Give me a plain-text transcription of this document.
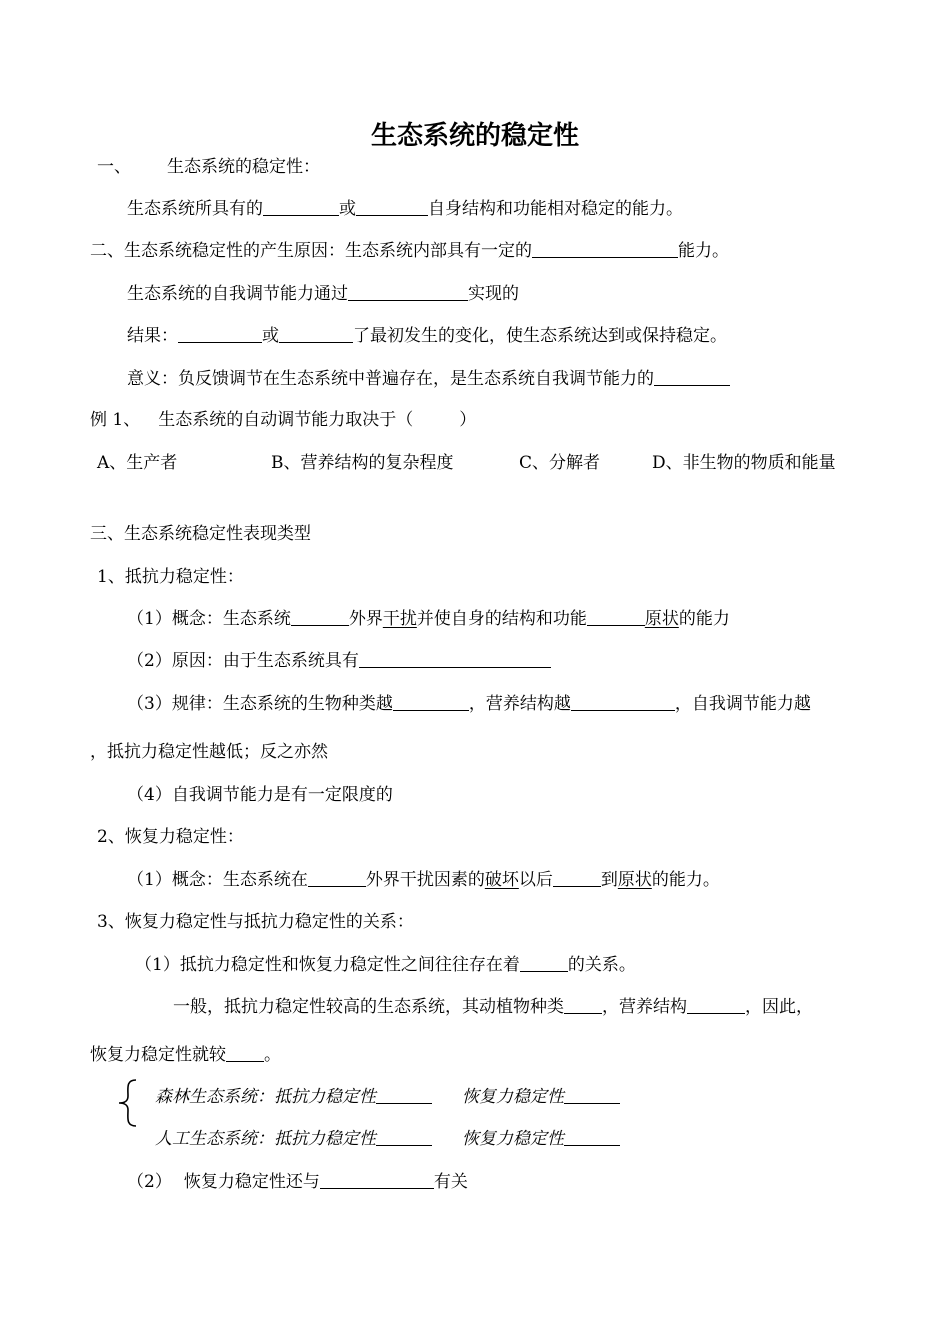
生态系统的稳定性
一、 生态系统的稳定性：
生态系统所具有的	或	自身结构和功能相对稳定的能力。
二、生态系统稳定性的产生原因：生态系统内部具有一定的	能力。
生态系统的自我调节能力通过	实现的
结果：	或	了最初发生的变化，使生态系统达到或保持稳定。
意义：负反馈调节在生态系统中普遍存在，是生态系统自我调节能力的
例 1、 生态系统的自动调节能力取决于（	）
A、生产者	B、营养结构的复杂程度	C、分解者	D、非生物的物质和能量
三、生态系统稳定性表现类型
1、抵抗力稳定性：
（1）概念：生态系统	外界干扰并使自身的结构和功能	原状的能力
（2）原因：由于生态系统具有
（3）规律：生态系统的生物种类越	，营养结构越	，自我调节能力越
，抵抗力稳定性越低；反之亦然
（4）自我调节能力是有一定限度的
2、恢复力稳定性：
（1）概念：生态系统在	外界干扰因素的破坏以后	到原状的能力。
3、恢复力稳定性与抵抗力稳定性的关系：
（1）抵抗力稳定性和恢复力稳定性之间往往存在着	的关系。
一般，抵抗力稳定性较高的生态系统，其动植物种类 ，营养结构	，因此，
恢复力稳定性就较 。
森林生态系统：抵抗力稳定性	恢复力稳定性
人工生态系统：抵抗力稳定性	恢复力稳定性
（2） 恢复力稳定性还与	有关
